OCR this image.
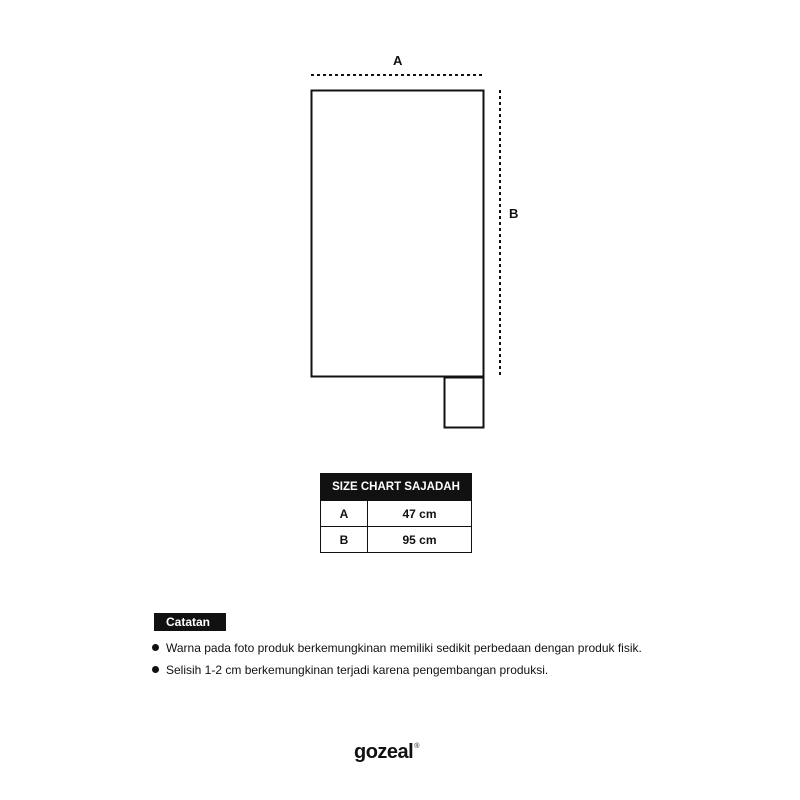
A
B
SIZE CHART SAJADAH	
A	47 cm
B	95 cm
Catatan
Warna pada foto produk berkemungkinan memiliki sedikit perbedaan dengan produk fisik.
Selisih 1-2 cm berkemungkinan terjadi karena pengembangan produksi.
gozeal®
